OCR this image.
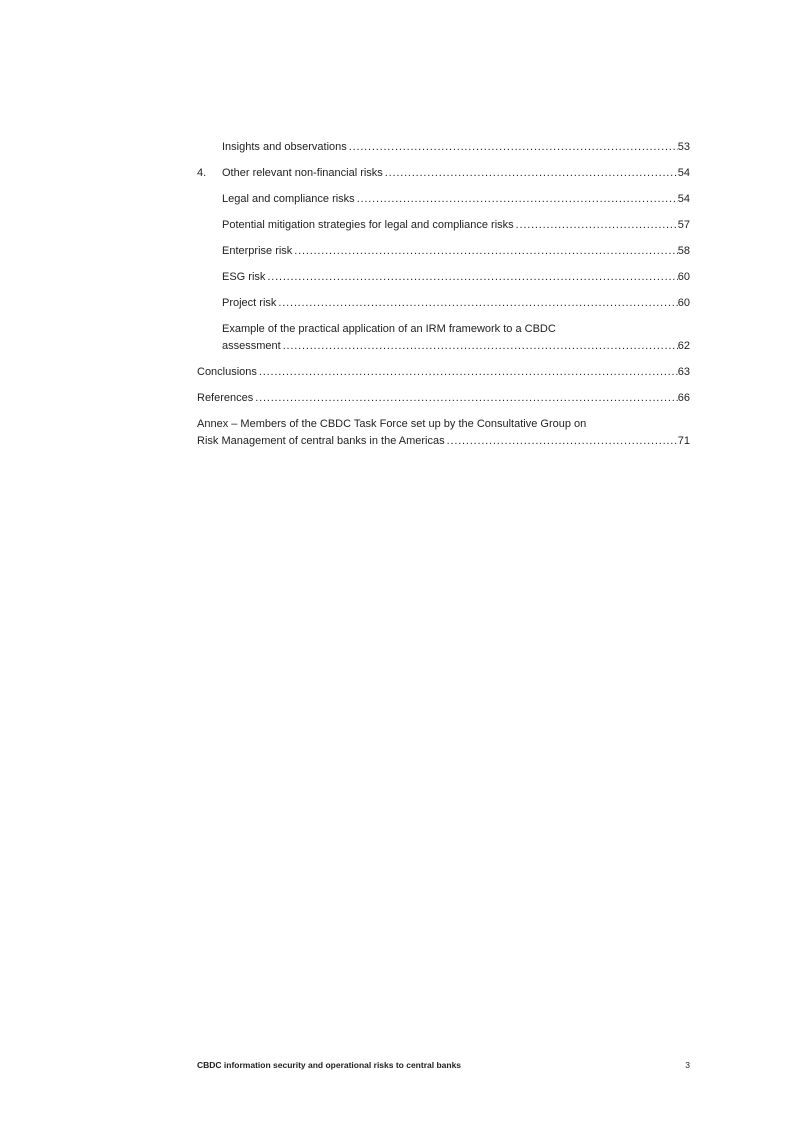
Insights and observations .....	53
4.	Other relevant non-financial risks .....	54
Legal and compliance risks .....	54
Potential mitigation strategies for legal and compliance risks .....	57
Enterprise risk .....	58
ESG risk .....	60
Project risk .....	60
Example of the practical application of an IRM framework to a CBDC
assessment .....	62
Conclusions .....	63
References .....	66
Annex – Members of the CBDC Task Force set up by the Consultative Group on
Risk Management of central banks in the Americas .....	71
CBDC information security and operational risks to central banks	3
